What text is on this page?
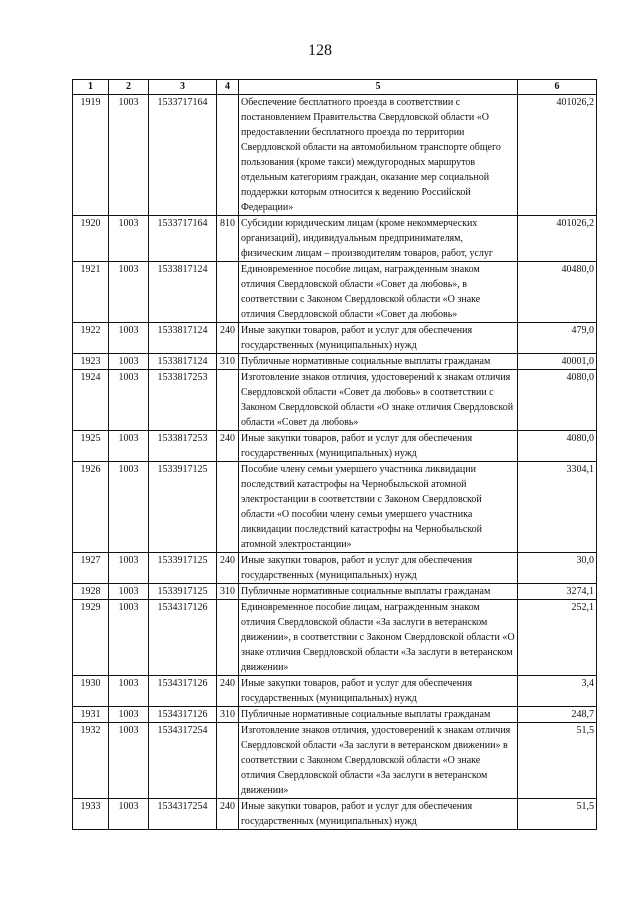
128
1	2	3	4	5	6
1919	1003	1533717164		Обеспечение бесплатного проезда в соответствии с постановлением Правительства Свердловской области «О предоставлении бесплатного проезда по территории Свердловской области на автомобильном транспорте общего пользования (кроме такси) междугородных маршрутов отдельным категориям граждан, оказание мер социальной поддержки которым относится к ведению Российской Федерации»	401026,2
1920	1003	1533717164	810	Субсидии юридическим лицам (кроме некоммерческих организаций), индивидуальным предпринимателям, физическим лицам – производителям товаров, работ, услуг	401026,2
1921	1003	1533817124		Единовременное пособие лицам, награжденным знаком отличия Свердловской области «Совет да любовь», в соответствии с Законом Свердловской области «О знаке отличия Свердловской области «Совет да любовь»	40480,0
1922	1003	1533817124	240	Иные закупки товаров, работ и услуг для обеспечения государственных (муниципальных) нужд	479,0
1923	1003	1533817124	310	Публичные нормативные социальные выплаты гражданам	40001,0
1924	1003	1533817253		Изготовление знаков отличия, удостоверений к знакам отличия Свердловской области «Совет да любовь» в соответствии с Законом Свердловской области «О знаке отличия Свердловской области «Совет да любовь»	4080,0
1925	1003	1533817253	240	Иные закупки товаров, работ и услуг для обеспечения государственных (муниципальных) нужд	4080,0
1926	1003	1533917125		Пособие члену семьи умершего участника ликвидации последствий катастрофы на Чернобыльской атомной электростанции в соответствии с Законом Свердловской области «О пособии члену семьи умершего участника ликвидации последствий катастрофы на Чернобыльской атомной электростанции»	3304,1
1927	1003	1533917125	240	Иные закупки товаров, работ и услуг для обеспечения государственных (муниципальных) нужд	30,0
1928	1003	1533917125	310	Публичные нормативные социальные выплаты гражданам	3274,1
1929	1003	1534317126		Единовременное пособие лицам, награжденным знаком отличия Свердловской области «За заслуги в ветеранском движении», в соответствии с Законом Свердловской области «О знаке отличия Свердловской области «За заслуги в ветеранском движении»	252,1
1930	1003	1534317126	240	Иные закупки товаров, работ и услуг для обеспечения государственных (муниципальных) нужд	3,4
1931	1003	1534317126	310	Публичные нормативные социальные выплаты гражданам	248,7
1932	1003	1534317254		Изготовление знаков отличия, удостоверений к знакам отличия Свердловской области «За заслуги в ветеранском движении» в соответствии с Законом Свердловской области «О знаке отличия Свердловской области «За заслуги в ветеранском движении»	51,5
1933	1003	1534317254	240	Иные закупки товаров, работ и услуг для обеспечения государственных (муниципальных) нужд	51,5
